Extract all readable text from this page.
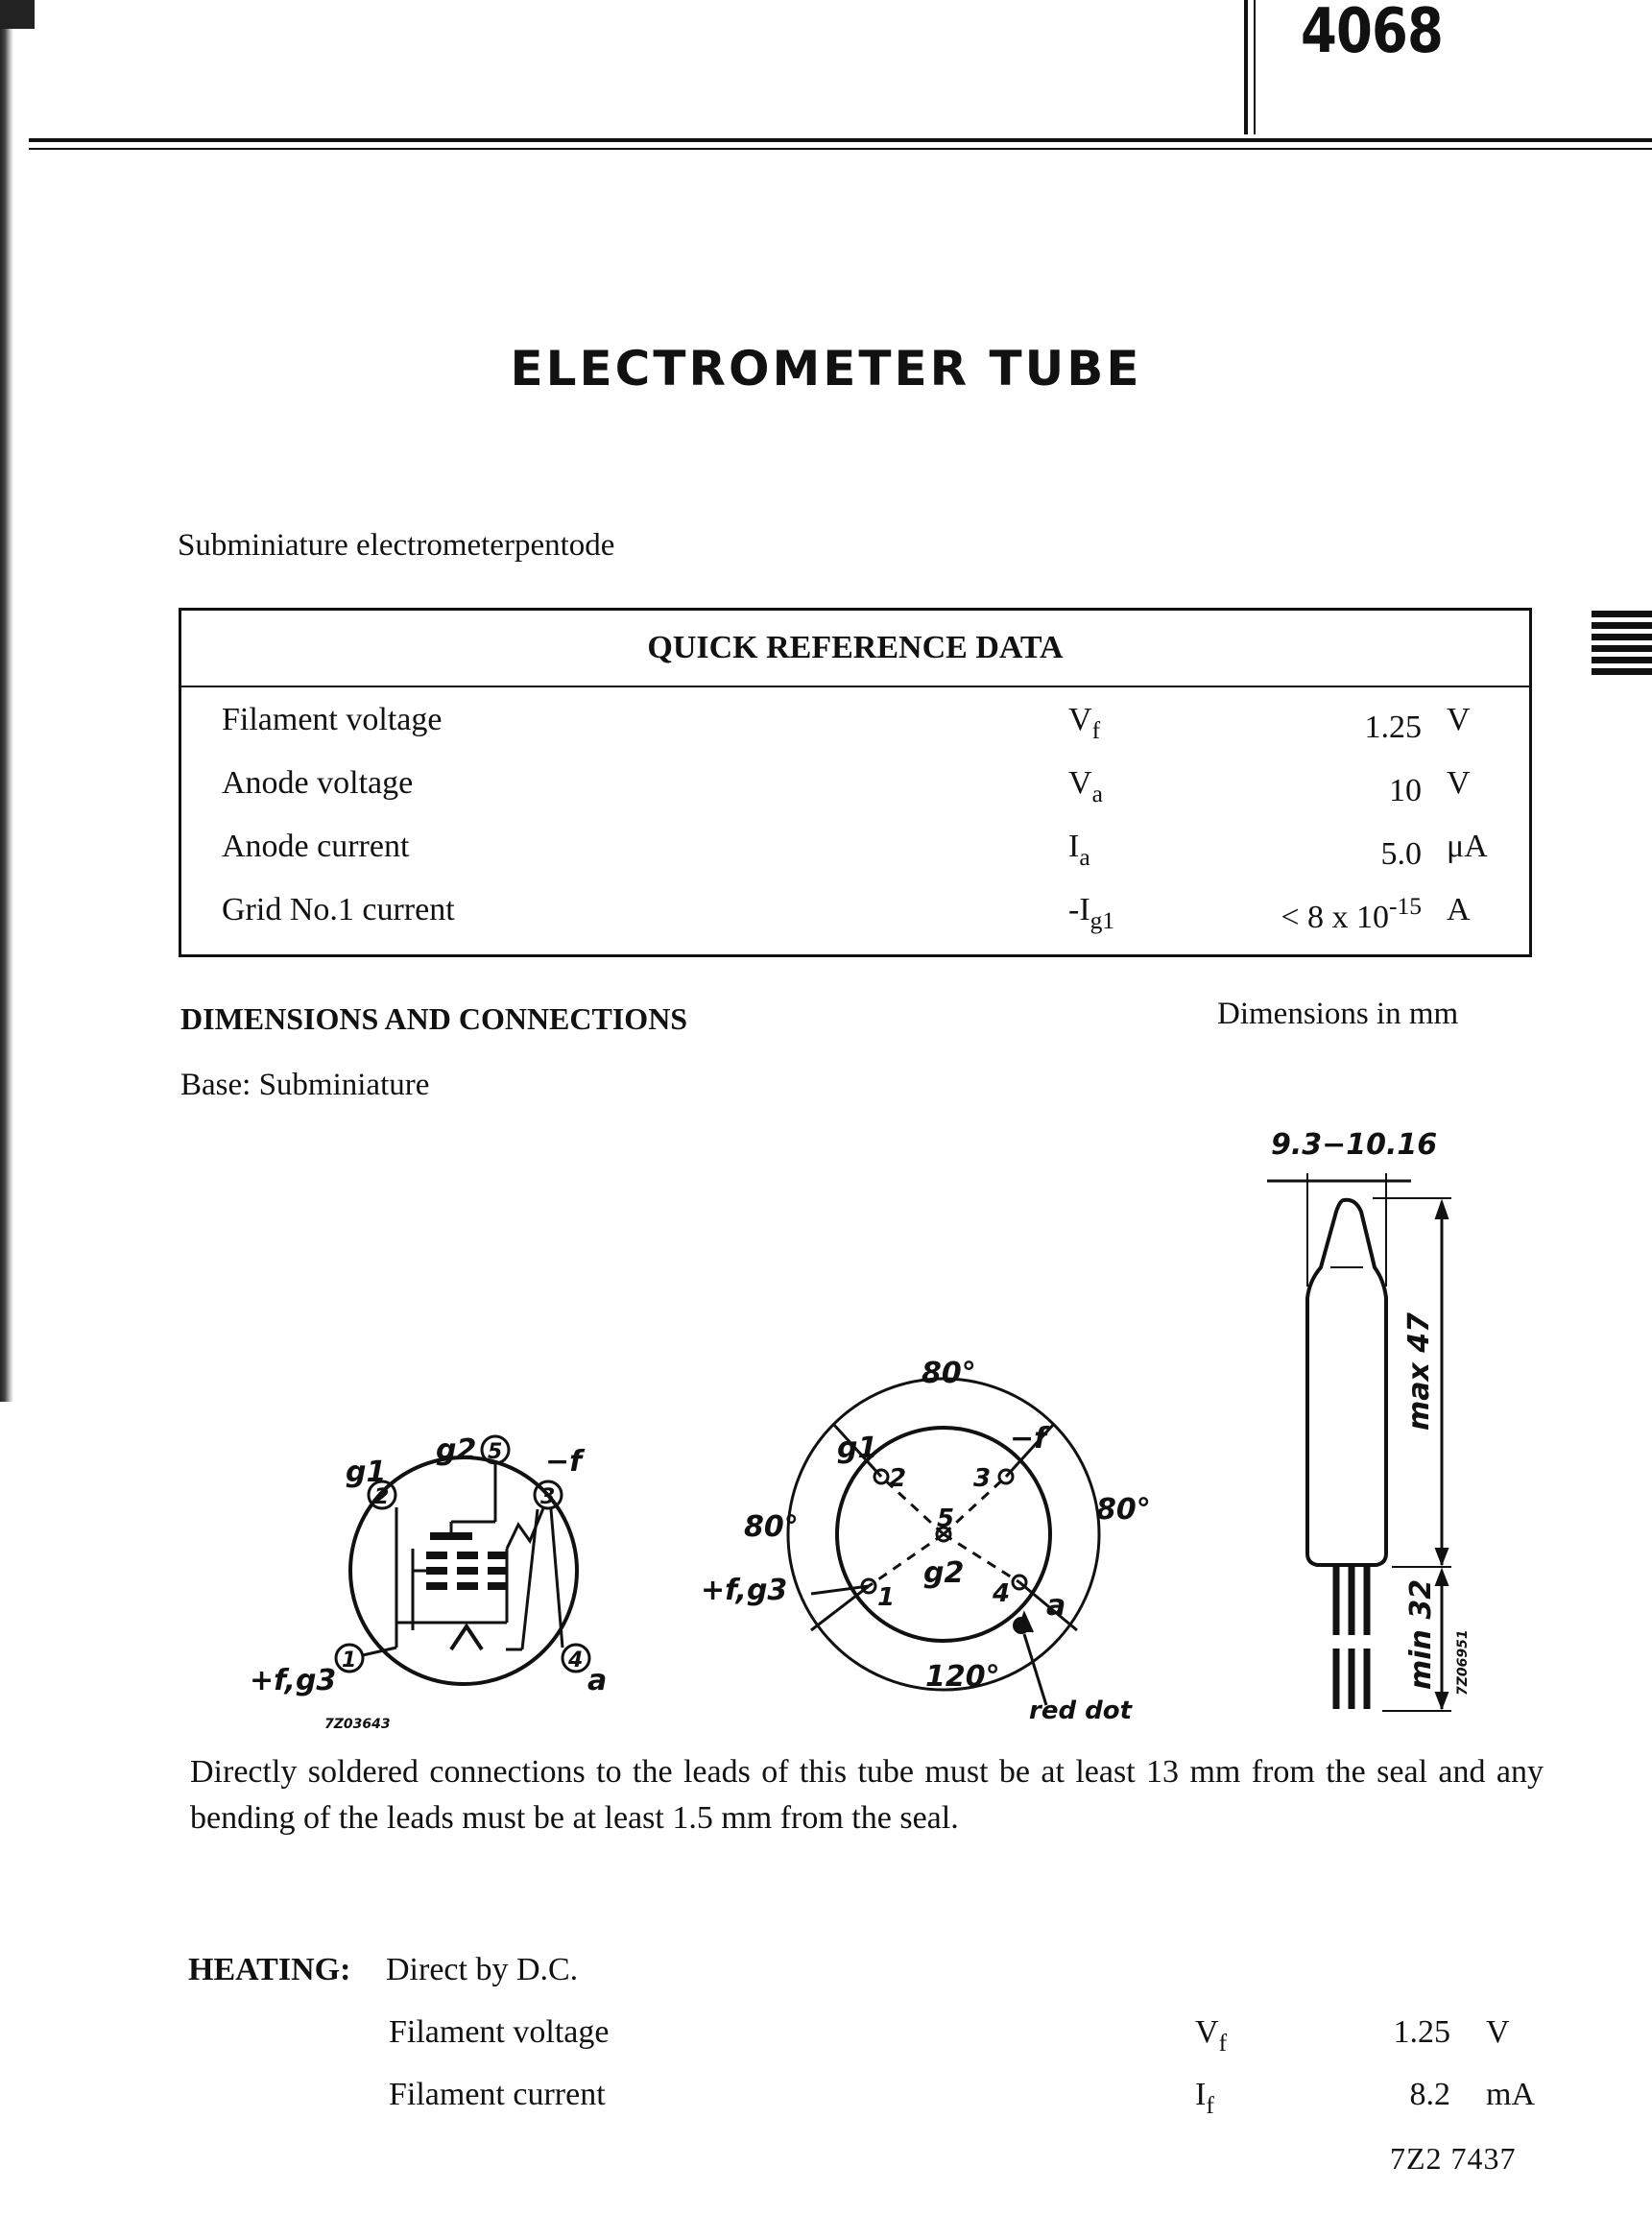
4068
ELECTROMETER TUBE
Subminiature electrometerpentode
QUICK REFERENCE DATA
Filament voltage	$V_f$	1.25 V
Anode voltage	$V_a$	10 V
Anode current	$I_a$	5.0 μA
Grid No.1 current	$-I_{g1}$	< 8 x $10^{-15}$ A
DIMENSIONS AND CONNECTIONS	Dimensions in mm
Base: Subminiature
g1
g2 −f
+f,g3	a
2
5
3
1	4
7Z03643
80°
80°
80°
120°
g1	−f
g2
+f,g3	a
2	3
5
1	4
red dot
9.3−10.16
max 47
min 32 7Z06951
Directly soldered connections to the leads of this tube must be at least 13 mm from the seal and any bending of the leads must be at least 1.5 mm from the seal.
HEATING: Direct by D.C.
Filament voltage	$V_f$	1.25 V
Filament current	$I_f$	8.2 mA
7Z2 7437
